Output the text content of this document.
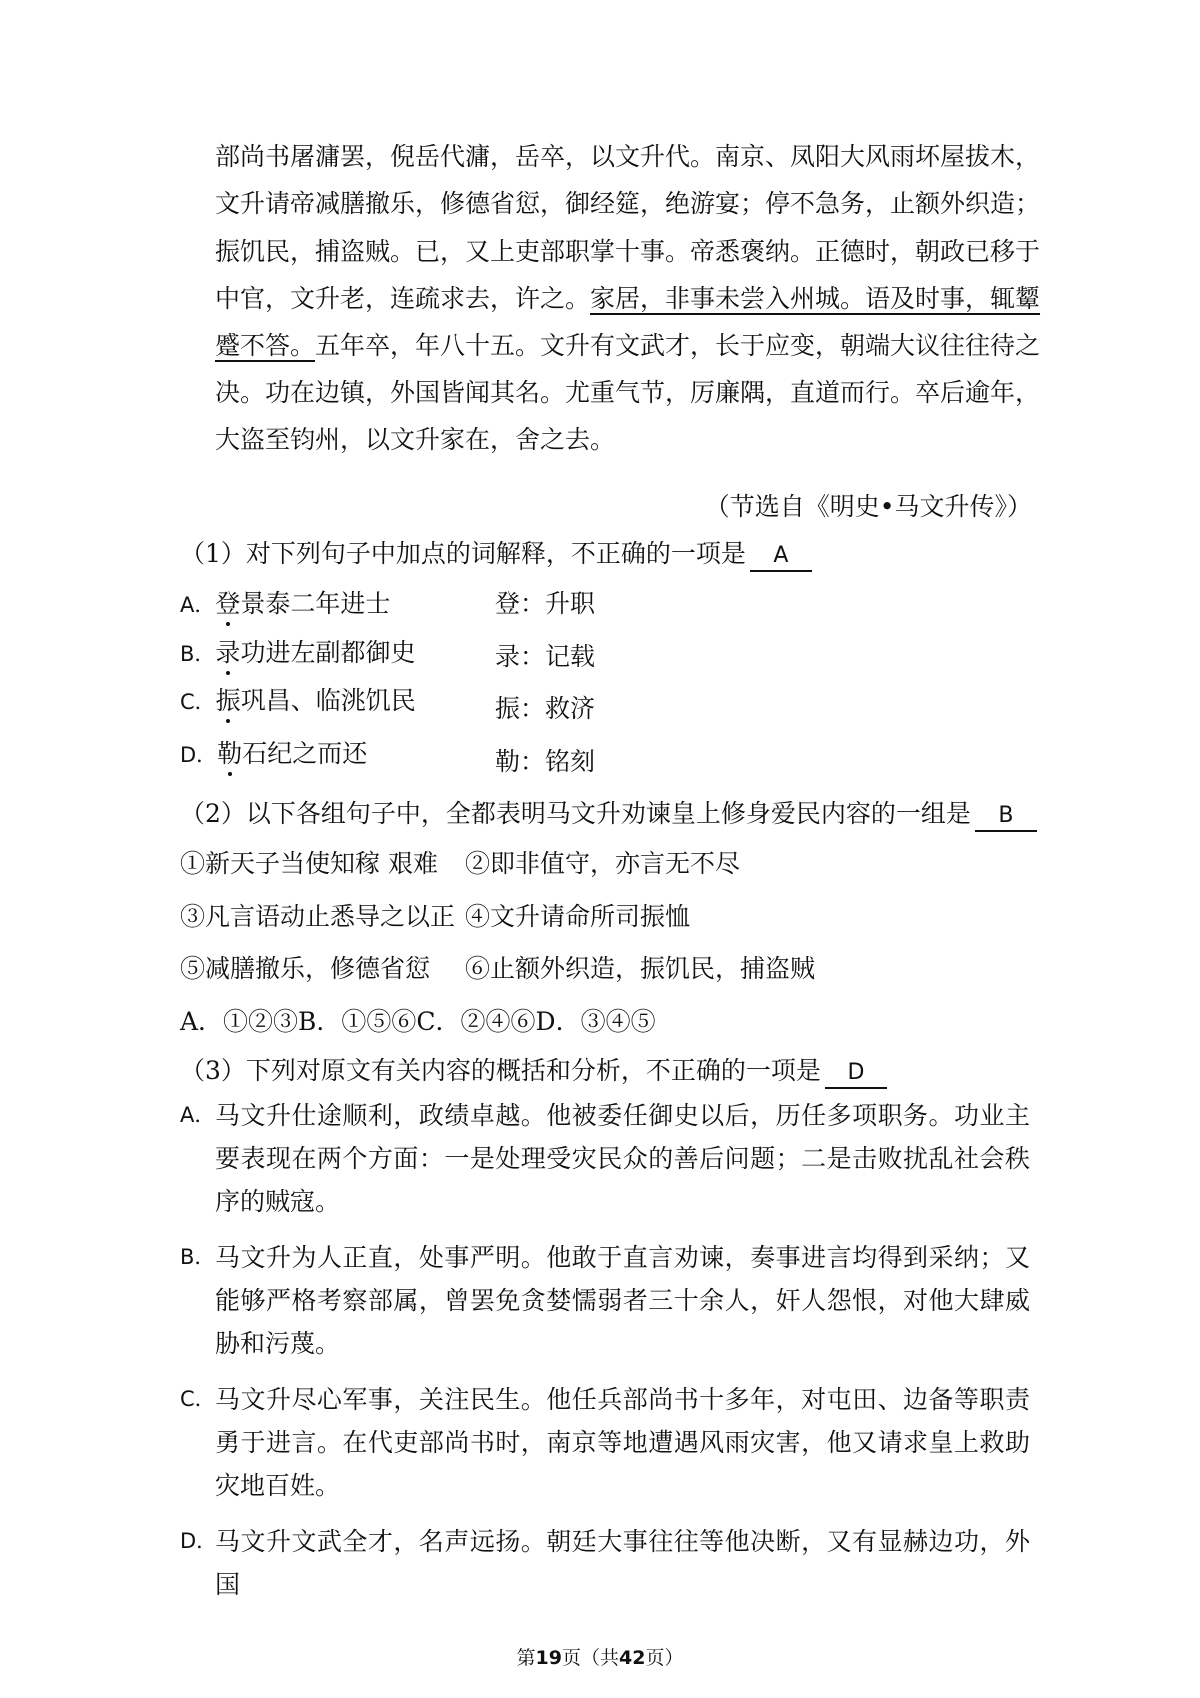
部尚书屠滽罢，倪岳代滽，岳卒，以文升代。南京、凤阳大风雨坏屋拔木，
文升请帝减膳撤乐，修德省愆，御经筵，绝游宴；停不急务，止额外织造；
振饥民，捕盗贼。已，又上吏部职掌十事。帝悉褒纳。正德时，朝政已移于
中官，文升老，连疏求去，许之。家居，非事未尝入州城。语及时事，辄颦
蹙不答。五年卒，年八十五。文升有文武才，长于应变，朝端大议往往待之
决。功在边镇，外国皆闻其名。尤重气节，厉廉隅，直道而行。卒后逾年，
大盗至钧州，以文升家在，舍之去。
（节选自《明史•马文升传》）
（1）对下列句子中加点的词解释，不正确的一项是 A
A．登景泰二年进士	登：升职
B．录功进左副都御史	录：记载
C．振巩昌、临洮饥民	振：救济
D．勒石纪之而还	勒：铭刻
（2）以下各组句子中，全都表明马文升劝谏皇上修身爱民内容的一组是 B
①新天子当使知稼 艰难 ②即非值守，亦言无不尽
③凡言语动止悉导之以正 ④文升请命所司振恤
⑤减膳撤乐，修德省愆 ⑥止额外织造，振饥民，捕盗贼
A．①②③B．①⑤⑥C．②④⑥D．③④⑤
（3）下列对原文有关内容的概括和分析，不正确的一项是 D
A． 马文升仕途顺利，政绩卓越。他被委任御史以后，历任多项职务。功业主要表现在两个方面：一是处理受灾民众的善后问题；二是击败扰乱社会秩序的贼寇。
B． 马文升为人正直，处事严明。他敢于直言劝谏，奏事进言均得到采纳；又能够严格考察部属，曾罢免贪婪懦弱者三十余人，奸人怨恨，对他大肆威胁和污蔑。
C． 马文升尽心军事，关注民生。他任兵部尚书十多年，对屯田、边备等职责勇于进言。在代吏部尚书时，南京等地遭遇风雨灾害，他又请求皇上救助灾地百姓。
D．
马文升文武全才，名声远扬。朝廷大事往往等他决断，又有显赫边功，外国
第19页（共42页）
